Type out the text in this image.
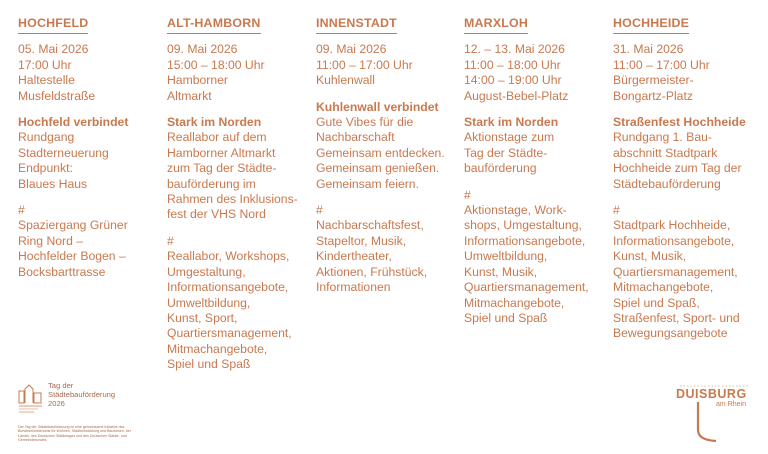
HOCHFELD
05. Mai 2026
17:00 Uhr
Haltestelle
Musfeldstraße
Hochfeld verbindet
Rundgang
Stadterneuerung
Endpunkt:
Blaues Haus
#
Spaziergang Grüner
Ring Nord –
Hochfelder Bogen –
Bocksbarttrasse
ALT-HAMBORN
09. Mai 2026
15:00 – 18:00 Uhr
Hamborner
Altmarkt
Stark im Norden
Reallabor auf dem
Hamborner Altmarkt
zum Tag der Städte-
bauförderung im
Rahmen des Inklusions-
fest der VHS Nord
#
Reallabor, Workshops,
Umgestaltung,
Informationsangebote,
Umweltbildung,
Kunst, Sport,
Quartiersmanagement,
Mitmachangebote,
Spiel und Spaß
INNENSTADT
09. Mai 2026
11:00 – 17:00 Uhr
Kuhlenwall
Kuhlenwall verbindet
Gute Vibes für die
Nachbarschaft
Gemeinsam entdecken.
Gemeinsam genießen.
Gemeinsam feiern.
#
Nachbarschaftsfest,
Stapeltor, Musik,
Kindertheater,
Aktionen, Frühstück,
Informationen
MARXLOH
12. – 13. Mai 2026
11:00 – 18:00 Uhr
14:00 – 19:00 Uhr
August-Bebel-Platz
Stark im Norden
Aktionstage zum
Tag der Städte-
bauförderung
#
Aktionstage, Work-
shops, Umgestaltung,
Informationsangebote,
Umweltbildung,
Kunst, Musik,
Quartiersmanagement,
Mitmachangebote,
Spiel und Spaß
HOCHHEIDE
31. Mai 2026
11:00 – 17:00 Uhr
Bürgermeister-
Bongartz-Platz
Straßenfest Hochheide
Rundgang 1. Bau-
abschnitt Stadtpark
Hochheide zum Tag der
Städtebauförderung
#
Stadtpark Hochheide,
Informationsangebote,
Kunst, Musik,
Quartiersmanagement,
Mitmachangebote,
Spiel und Spaß,
Straßenfest, Sport- und
Bewegungsangebote
Tag der
Städtebauförderung
2026
Der Tag der Städtebauförderung ist eine gemeinsame Initiative des Bundesministeriums für Wohnen, Stadtentwicklung und Bauwesen, der Länder, des Deutschen Städtetages und des Deutschen Städte- und Gemeindebundes.
DUISBURG
am Rhein
